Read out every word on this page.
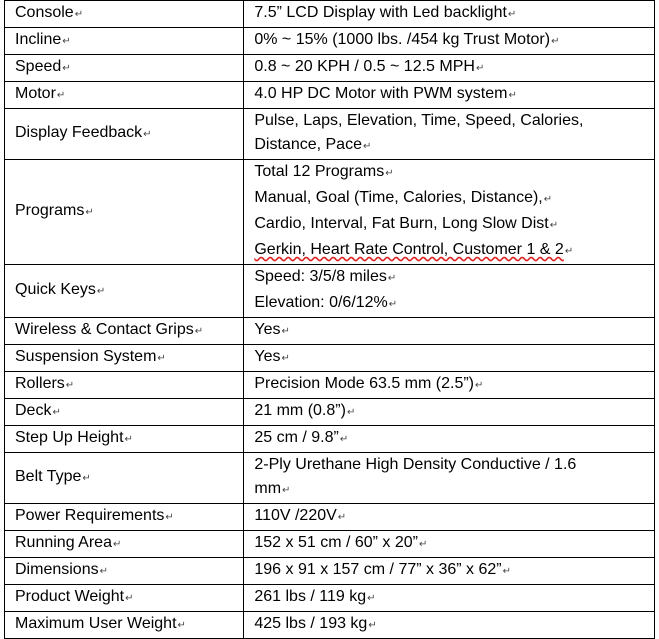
Console↵	7.5” LCD Display with Led backlight↵

Incline↵	0% ~ 15% (1000 lbs. /454 kg Trust Motor)↵

Speed↵	0.8 ~ 20 KPH / 0.5 ~ 12.5 MPH↵

Motor↵	4.0 HP DC Motor with PWM system↵

Display Feedback↵	Pulse, Laps, Elevation, Time, Speed, Calories,
Distance, Pace↵

Programs↵	Total 12 Programs↵
Manual, Goal (Time, Calories, Distance),↵
Cardio, Interval, Fat Burn, Long Slow Dist↵
Gerkin, Heart Rate Control, Customer 1 & 2↵

Quick Keys↵	Speed: 3/5/8 miles↵
Elevation: 0/6/12%↵

Wireless & Contact Grips↵	Yes↵

Suspension System↵	Yes↵

Rollers↵	Precision Mode 63.5 mm (2.5”)↵

Deck↵	21 mm (0.8”)↵

Step Up Height↵	25 cm / 9.8”↵

Belt Type↵	2-Ply Urethane High Density Conductive / 1.6
mm↵

Power Requirements↵	110V /220V↵

Running Area↵	152 x 51 cm / 60” x 20”↵

Dimensions↵	196 x 91 x 157 cm / 77” x 36” x 62”↵

Product Weight↵	261 lbs / 119 kg↵

Maximum User Weight↵	425 lbs / 193 kg↵
